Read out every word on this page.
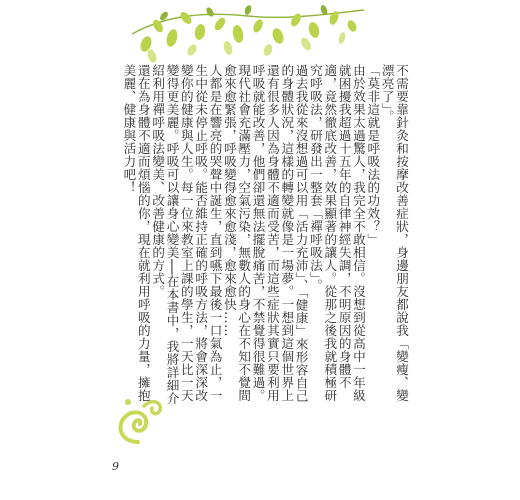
不需要靠針灸和按摩改善症狀，身邊朋友都說我「變瘦、變漂亮了」。

「莫非這就是呼吸法的功效？」

由於效果太過驚人，我完全不敢相信。沒想到從高中一年級就困擾我超過十五年的自律神經失調，不明原因的身體不適，竟然徹底改善，效果顯著的讓人。從那之後我就積極研究呼吸法，研發出一整套「禪呼吸法」。

過去我從來沒想過可以用「活力充沛」、「健康」來形容自己的身體狀況，這樣的轉變就像是一場夢。一想到這個世界上還有很多人因為身體不適而受苦，而這些症狀其實只要利用呼吸就能改善，他們卻還無法擺脫痛苦，不禁覺得很難過。現代社會充滿壓力，空氣污染，無數人的身心在不知不覺間愈來愈緊張，呼吸變得愈來愈淺，愈來愈快……

人都是在響亮的哭聲中誕生，直到嚥下最後一口氣為止，一生中從未停止呼吸。能否維持正確的呼吸方法，將會深深改變你的健康與人生。每一位來教室上課的學生，一天比一天變得更美麗。呼吸可以讓身心變美──在本書中，我將詳細介紹利用禪呼吸法變美、改善健康的方式。

還在為身體不適而煩惱的你，現在就利用呼吸的力量，擁抱美麗、健康與活力吧！

9
